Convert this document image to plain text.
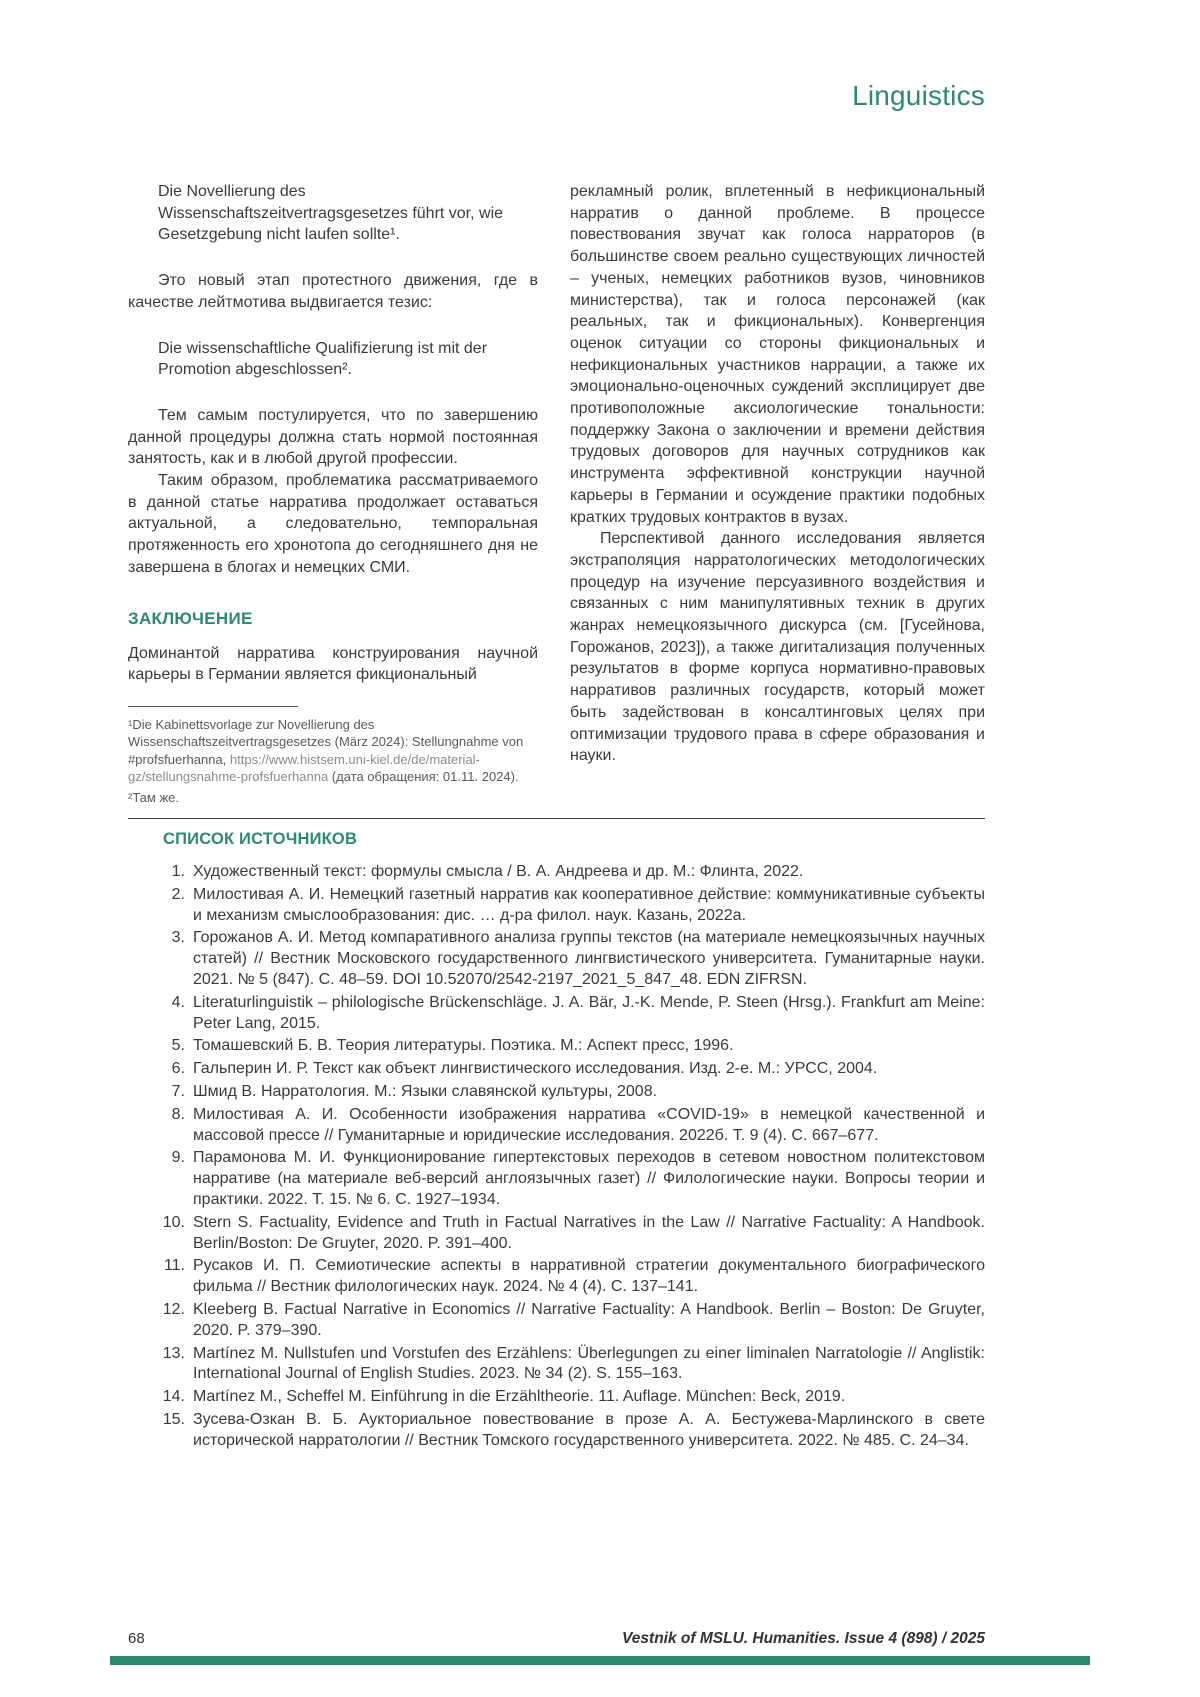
Linguistics

Die Novellierung des Wissenschaftszeitvertragsgesetzes führt vor, wie Gesetzgebung nicht laufen sollte¹.

Это новый этап протестного движения, где в качестве лейтмотива выдвигается тезис:

Die wissenschaftliche Qualifizierung ist mit der Promotion abgeschlossen².

Тем самым постулируется, что по завершению данной процедуры должна стать нормой постоянная занятость, как и в любой другой профессии.

Таким образом, проблематика рассматриваемого в данной статье нарратива продолжает оставаться актуальной, а следовательно, темпоральная протяженность его хронотопа до сегодняшнего дня не завершена в блогах и немецких СМИ.

ЗАКЛЮЧЕНИЕ

Доминантой нарратива конструирования научной карьеры в Германии является фикциональный

¹Die Kabinettsvorlage zur Novellierung des Wissenschaftszeitvertragsgesetzes (März 2024): Stellungnahme von #profsfuerhanna, https://www.histsem.uni-kiel.de/de/material-gz/stellungsnahme-profsfuerhanna (дата обращения: 01.11. 2024).

²Там же.

рекламный ролик, вплетенный в нефикциональный нарратив о данной проблеме. В процессе повествования звучат как голоса нарраторов (в большинстве своем реально существующих личностей – ученых, немецких работников вузов, чиновников министерства), так и голоса персонажей (как реальных, так и фикциональных). Конвергенция оценок ситуации со стороны фикциональных и нефикциональных участников наррации, а также их эмоционально-оценочных суждений эксплицирует две противоположные аксиологические тональности: поддержку Закона о заключении и времени действия трудовых договоров для научных сотрудников как инструмента эффективной конструкции научной карьеры в Германии и осуждение практики подобных кратких трудовых контрактов в вузах.

Перспективой данного исследования является экстраполяция нарратологических методологических процедур на изучение персуазивного воздействия и связанных с ним манипулятивных техник в других жанрах немецкоязычного дискурса (см. [Гусейнова, Горожанов, 2023]), а также дигитализация полученных результатов в форме корпуса нормативно-правовых нарративов различных государств, который может быть задействован в консалтинговых целях при оптимизации трудового права в сфере образования и науки.

СПИСОК ИСТОЧНИКОВ
1. Художественный текст: формулы смысла / В. А. Андреева и др. М.: Флинта, 2022.
2. Милостивая А. И. Немецкий газетный нарратив как кооперативное действие: коммуникативные субъекты и механизм смыслообразования: дис. … д-ра филол. наук. Казань, 2022а.
3. Горожанов А. И. Метод компаративного анализа группы текстов (на материале немецкоязычных научных статей) // Вестник Московского государственного лингвистического университета. Гуманитарные науки. 2021. № 5 (847). С. 48–59. DOI 10.52070/2542-2197_2021_5_847_48. EDN ZIFRSN.
4. Literaturlinguistik – philologische Brückenschläge. J. A. Bär, J.-K. Mende, P. Steen (Hrsg.). Frankfurt am Meine: Peter Lang, 2015.
5. Томашевский Б. В. Теория литературы. Поэтика. М.: Аспект пресс, 1996.
6. Гальперин И. Р. Текст как объект лингвистического исследования. Изд. 2-е. М.: УРСС, 2004.
7. Шмид В. Нарратология. М.: Языки славянской культуры, 2008.
8. Милостивая А. И. Особенности изображения нарратива «COVID-19» в немецкой качественной и массовой прессе // Гуманитарные и юридические исследования. 2022б. Т. 9 (4). С. 667–677.
9. Парамонова М. И. Функционирование гипертекстовых переходов в сетевом новостном политекстовом нарративе (на материале веб-версий англоязычных газет) // Филологические науки. Вопросы теории и практики. 2022. Т. 15. № 6. С. 1927–1934.
10. Stern S. Factuality, Evidence and Truth in Factual Narratives in the Law // Narrative Factuality: A Handbook. Berlin/Boston: De Gruyter, 2020. P. 391–400.
11. Русаков И. П. Семиотические аспекты в нарративной стратегии документального биографического фильма // Вестник филологических наук. 2024. № 4 (4). С. 137–141.
12. Kleeberg B. Factual Narrative in Economics // Narrative Factuality: A Handbook. Berlin – Boston: De Gruyter, 2020. P. 379–390.
13. Martínez M. Nullstufen und Vorstufen des Erzählens: Überlegungen zu einer liminalen Narratologie // Anglistik: International Journal of English Studies. 2023. № 34 (2). S. 155–163.
14. Martínez M., Scheffel M. Einführung in die Erzähltheorie. 11. Auflage. München: Beck, 2019.
15. Зусева-Озкан В. Б. Аукториальное повествование в прозе А. А. Бестужева-Марлинского в свете исторической нарратологии // Вестник Томского государственного университета. 2022. № 485. С. 24–34.
68	Vestnik of MSLU. Humanities. Issue 4 (898) / 2025
